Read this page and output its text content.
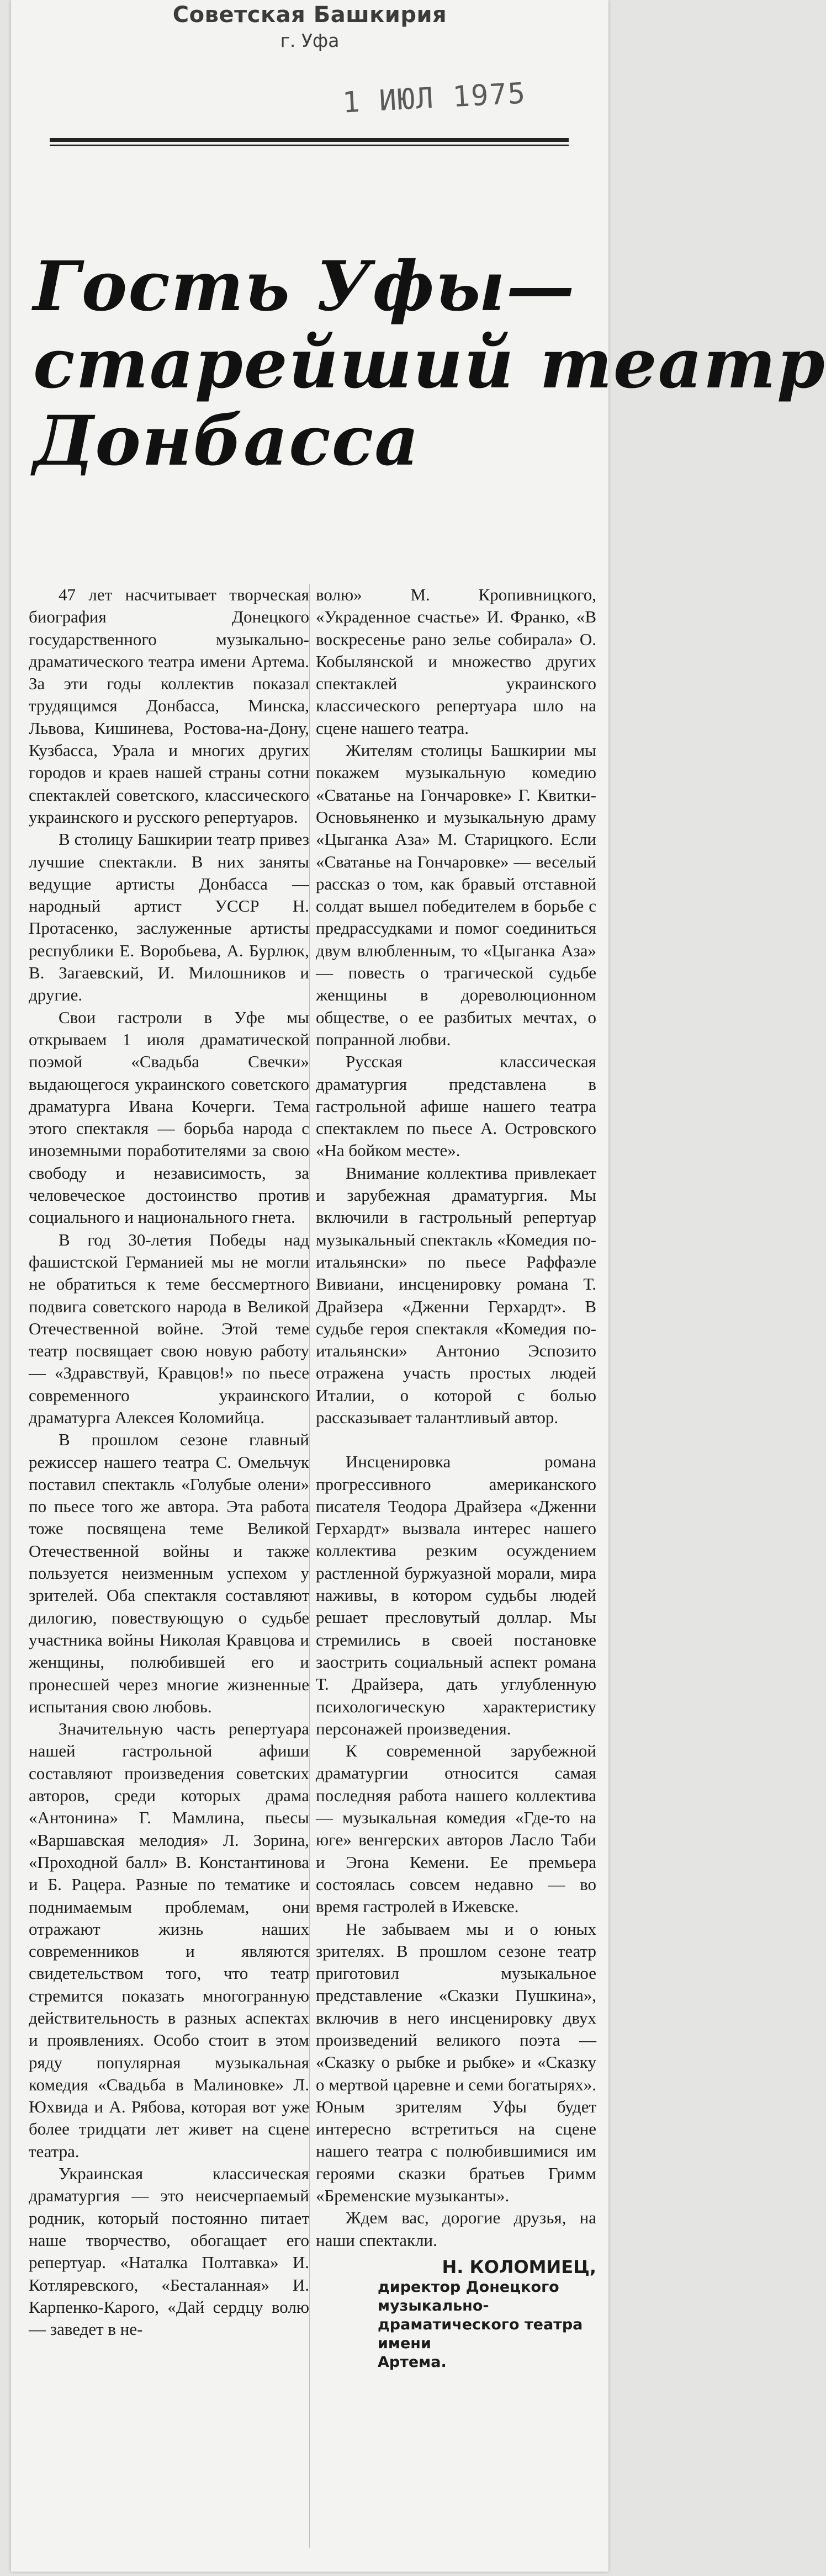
Советская Башкирия
г. Уфа
1 ИЮЛ 1975
Гость Уфы—
старейший театр
Донбасса

47 лет насчитывает творческая биография Донецкого государственного музыкально-драматического театра имени Артема. За эти годы коллектив показал трудящимся Донбасса, Минска, Львова, Кишинева, Ростова-на-Дону, Кузбасса, Урала и многих других городов и краев нашей страны сотни спектаклей советского, классического украинского и русского репертуаров.

В столицу Башкирии театр привез лучшие спектакли. В них заняты ведущие артисты Донбасса — народный артист УССР Н. Протасенко, заслуженные артисты республики Е. Воробьева, А. Бурлюк, В. Загаевский, И. Милошников и другие.

Свои гастроли в Уфе мы открываем 1 июля драматической поэмой «Свадьба Свечки» выдающегося украинского советского драматурга Ивана Кочерги. Тема этого спектакля — борьба народа с иноземными поработителями за свою свободу и независимость, за человеческое достоинство против социального и национального гнета.

В год 30-летия Победы над фашистской Германией мы не могли не обратиться к теме бессмертного подвига советского народа в Великой Отечественной войне. Этой теме театр посвящает свою новую работу — «Здравствуй, Кравцов!» по пьесе современного украинского драматурга Алексея Коломийца.

В прошлом сезоне главный режиссер нашего театра С. Омельчук поставил спектакль «Голубые олени» по пьесе того же автора. Эта работа тоже посвящена теме Великой Отечественной войны и также пользуется неизменным успехом у зрителей. Оба спектакля составляют дилогию, повествующую о судьбе участника войны Николая Кравцова и женщины, полюбившей его и пронесшей через многие жизненные испытания свою любовь.

Значительную часть репертуара нашей гастрольной афиши составляют произведения советских авторов, среди которых драма «Антонина» Г. Мамлина, пьесы «Варшавская мелодия» Л. Зорина, «Проходной балл» В. Константинова и Б. Рацера. Разные по тематике и поднимаемым проблемам, они отражают жизнь наших современников и являются свидетельством того, что театр стремится показать многогранную действительность в разных аспектах и проявлениях. Особо стоит в этом ряду популярная музыкальная комедия «Свадьба в Малиновке» Л. Юхвида и А. Рябова, которая вот уже более тридцати лет живет на сцене театра.

Украинская классическая драматургия — это неисчерпаемый родник, который постоянно питает наше творчество, обогащает его репертуар. «Наталка Полтавка» И. Котляревского, «Бесталанная» И. Карпенко-Карого, «Дай сердцу волю — заведет в не-

волю» М. Кропивницкого, «Украденное счастье» И. Франко, «В воскресенье рано зелье собирала» О. Кобылянской и множество других спектаклей украинского классического репертуара шло на сцене нашего театра.

Жителям столицы Башкирии мы покажем музыкальную комедию «Сватанье на Гончаровке» Г. Квитки-Основьяненко и музыкальную драму «Цыганка Аза» М. Старицкого. Если «Сватанье на Гончаровке» — веселый рассказ о том, как бравый отставной солдат вышел победителем в борьбе с предрассудками и помог соединиться двум влюбленным, то «Цыганка Аза» — повесть о трагической судьбе женщины в дореволюционном обществе, о ее разбитых мечтах, о попранной любви.

Русская классическая драматургия представлена в гастрольной афише нашего театра спектаклем по пьесе А. Островского «На бойком месте».

Внимание коллектива привлекает и зарубежная драматургия. Мы включили в гастрольный репертуар музыкальный спектакль «Комедия по-итальянски» по пьесе Раффаэле Вивиани, инсценировку романа Т. Драйзера «Дженни Герхардт». В судьбе героя спектакля «Комедия по-итальянски» Антонио Эспозито отражена участь простых людей Италии, о которой с болью рассказывает талантливый автор.

Инсценировка романа прогрессивного американского писателя Теодора Драйзера «Дженни Герхардт» вызвала интерес нашего коллектива резким осуждением растленной буржуазной морали, мира наживы, в котором судьбы людей решает пресловутый доллар. Мы стремились в своей постановке заострить социальный аспект романа Т. Драйзера, дать углубленную психологическую характеристику персонажей произведения.

К современной зарубежной драматургии относится самая последняя работа нашего коллектива — музыкальная комедия «Где-то на юге» венгерских авторов Ласло Таби и Эгона Кемени. Ее премьера состоялась совсем недавно — во время гастролей в Ижевске.

Не забываем мы и о юных зрителях. В прошлом сезоне театр приготовил музыкальное представление «Сказки Пушкина», включив в него инсценировку двух произведений великого поэта — «Сказку о рыбке и рыбке» и «Сказку о мертвой царевне и семи богатырях». Юным зрителям Уфы будет интересно встретиться на сцене нашего театра с полюбившимися им героями сказки братьев Гримм «Бременские музыканты».

Ждем вас, дорогие друзья, на наши спектакли.

Н. КОЛОМИЕЦ,
директор Донецкого
музыкально-драматического театра имени
Артема.
